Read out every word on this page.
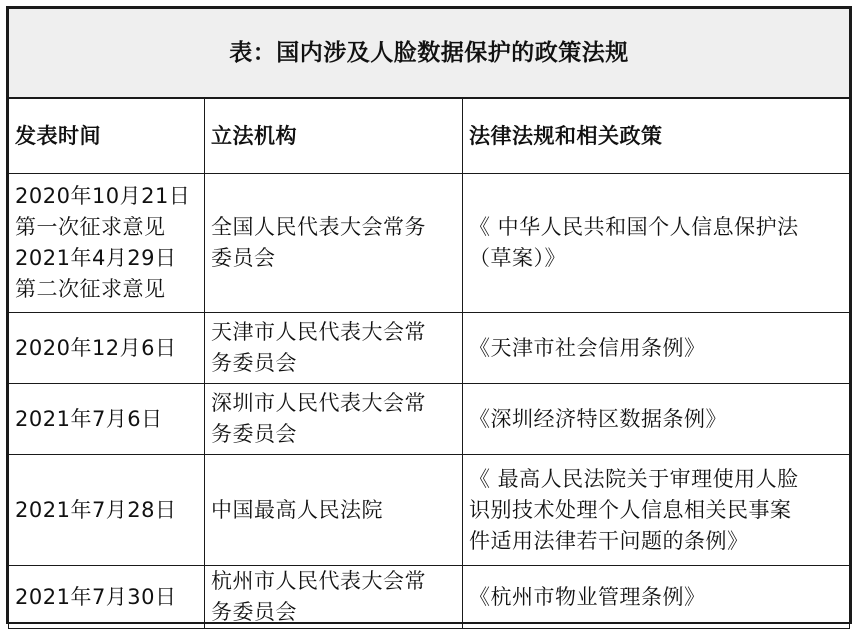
表：国内涉及人脸数据保护的政策法规		
发表时间	立法机构	法律法规和相关政策

2020年10月21日
第一次征求意见
2021年4月29日
第二次征求意见	全国人民代表大会常务
委员会	《 中华人民共和国个人信息保护法
（草案）》

2020年12月6日	天津市人民代表大会常
务委员会	《天津市社会信用条例》

2021年7月6日	深圳市人民代表大会常
务委员会	《深圳经济特区数据条例》

2021年7月28日	中国最高人民法院	《 最高人民法院关于审理使用人脸
识别技术处理个人信息相关民事案
件适用法律若干问题的条例》

2021年7月30日	杭州市人民代表大会常
务委员会	《杭州市物业管理条例》
